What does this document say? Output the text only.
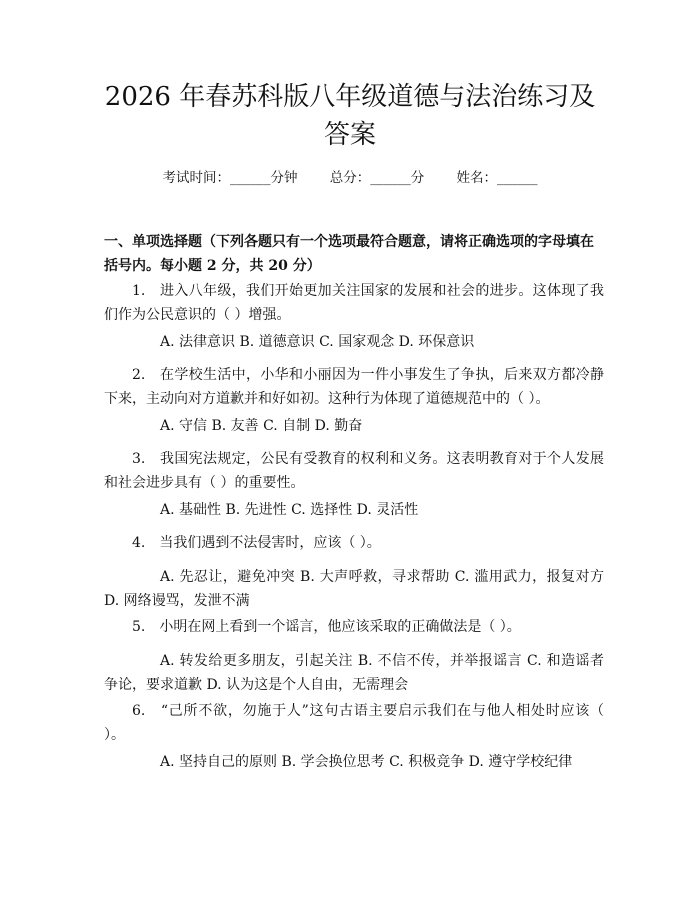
2026 年春苏科版八年级道德与法治练习及答案
考试时间：______分钟 总分：______分 姓名：______

一、单项选择题（下列各题只有一个选项最符合题意，请将正确选项的字母填在括号内。每小题 2 分，共 20 分）

1.　进入八年级，我们开始更加关注国家的发展和社会的进步。这体现了我们作为公民意识的（ ）增强。

A. 法律意识 B. 道德意识 C. 国家观念 D. 环保意识

2.　在学校生活中，小华和小丽因为一件小事发生了争执，后来双方都冷静下来，主动向对方道歉并和好如初。这种行为体现了道德规范中的（ ）。

A. 守信 B. 友善 C. 自制 D. 勤奋

3.　我国宪法规定，公民有受教育的权利和义务。这表明教育对于个人发展和社会进步具有（ ）的重要性。

A. 基础性 B. 先进性 C. 选择性 D. 灵活性

4.　当我们遇到不法侵害时，应该（ ）。

A. 先忍让，避免冲突 B. 大声呼救，寻求帮助 C. 滥用武力，报复对方 D. 网络谩骂，发泄不满

5.　小明在网上看到一个谣言，他应该采取的正确做法是（ ）。

A. 转发给更多朋友，引起关注 B. 不信不传，并举报谣言 C. 和造谣者争论，要求道歉 D. 认为这是个人自由，无需理会

6.　“己所不欲，勿施于人”这句古语主要启示我们在与他人相处时应该（ ）。

A. 坚持自己的原则 B. 学会换位思考 C. 积极竞争 D. 遵守学校纪律
